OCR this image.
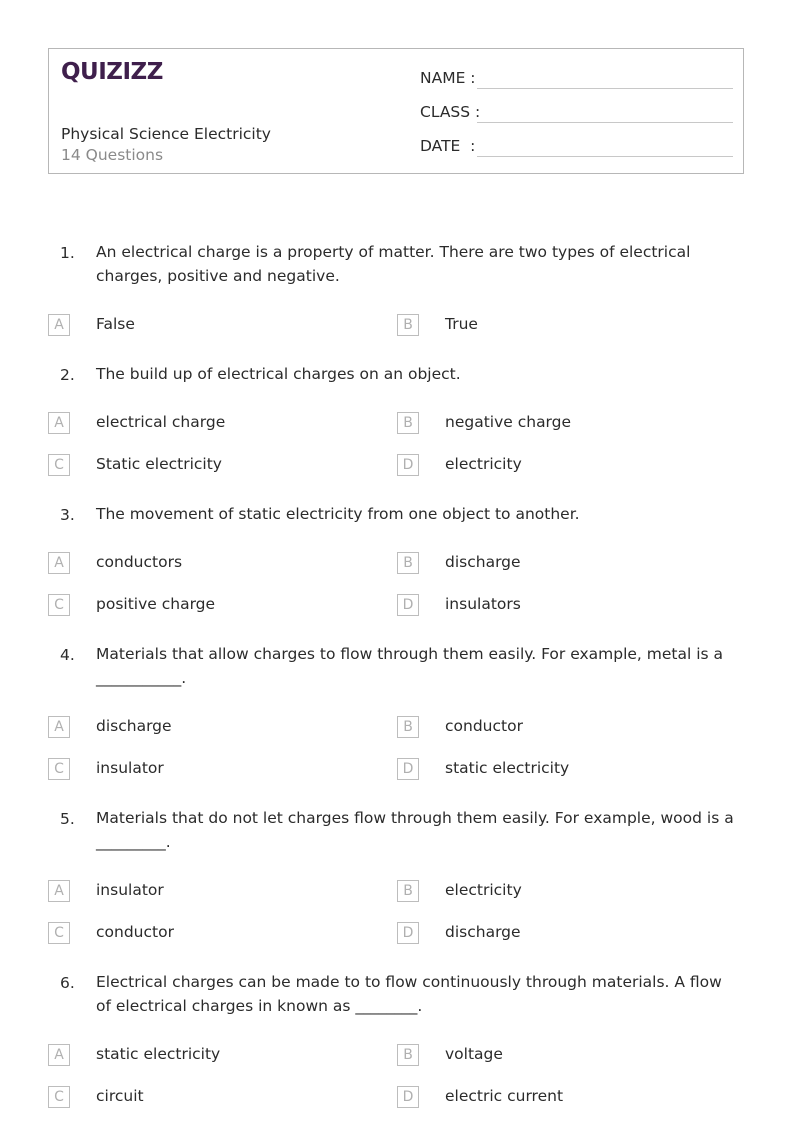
QUIZIZZ
Physical Science Electricity
14 Questions
NAME :
CLASS :
DATE  :
1. An electrical charge is a property of matter. There are two types of electrical charges, positive and negative.
A	False	B	True
2. The build up of electrical charges on an object.
A	electrical charge	B	negative charge
C	Static electricity	D	electricity
3. The movement of static electricity from one object to another.
A	conductors	B	discharge
C	positive charge	D	insulators
4. Materials that allow charges to flow through them easily. For example, metal is a ___________.
A	discharge	B	conductor
C	insulator	D	static electricity
5. Materials that do not let charges flow through them easily. For example, wood is a _________.
A	insulator	B	electricity
C	conductor	D	discharge
6. Electrical charges can be made to to flow continuously through materials. A flow of electrical charges in known as ________.
A	static electricity	B	voltage
C	circuit	D	electric current
